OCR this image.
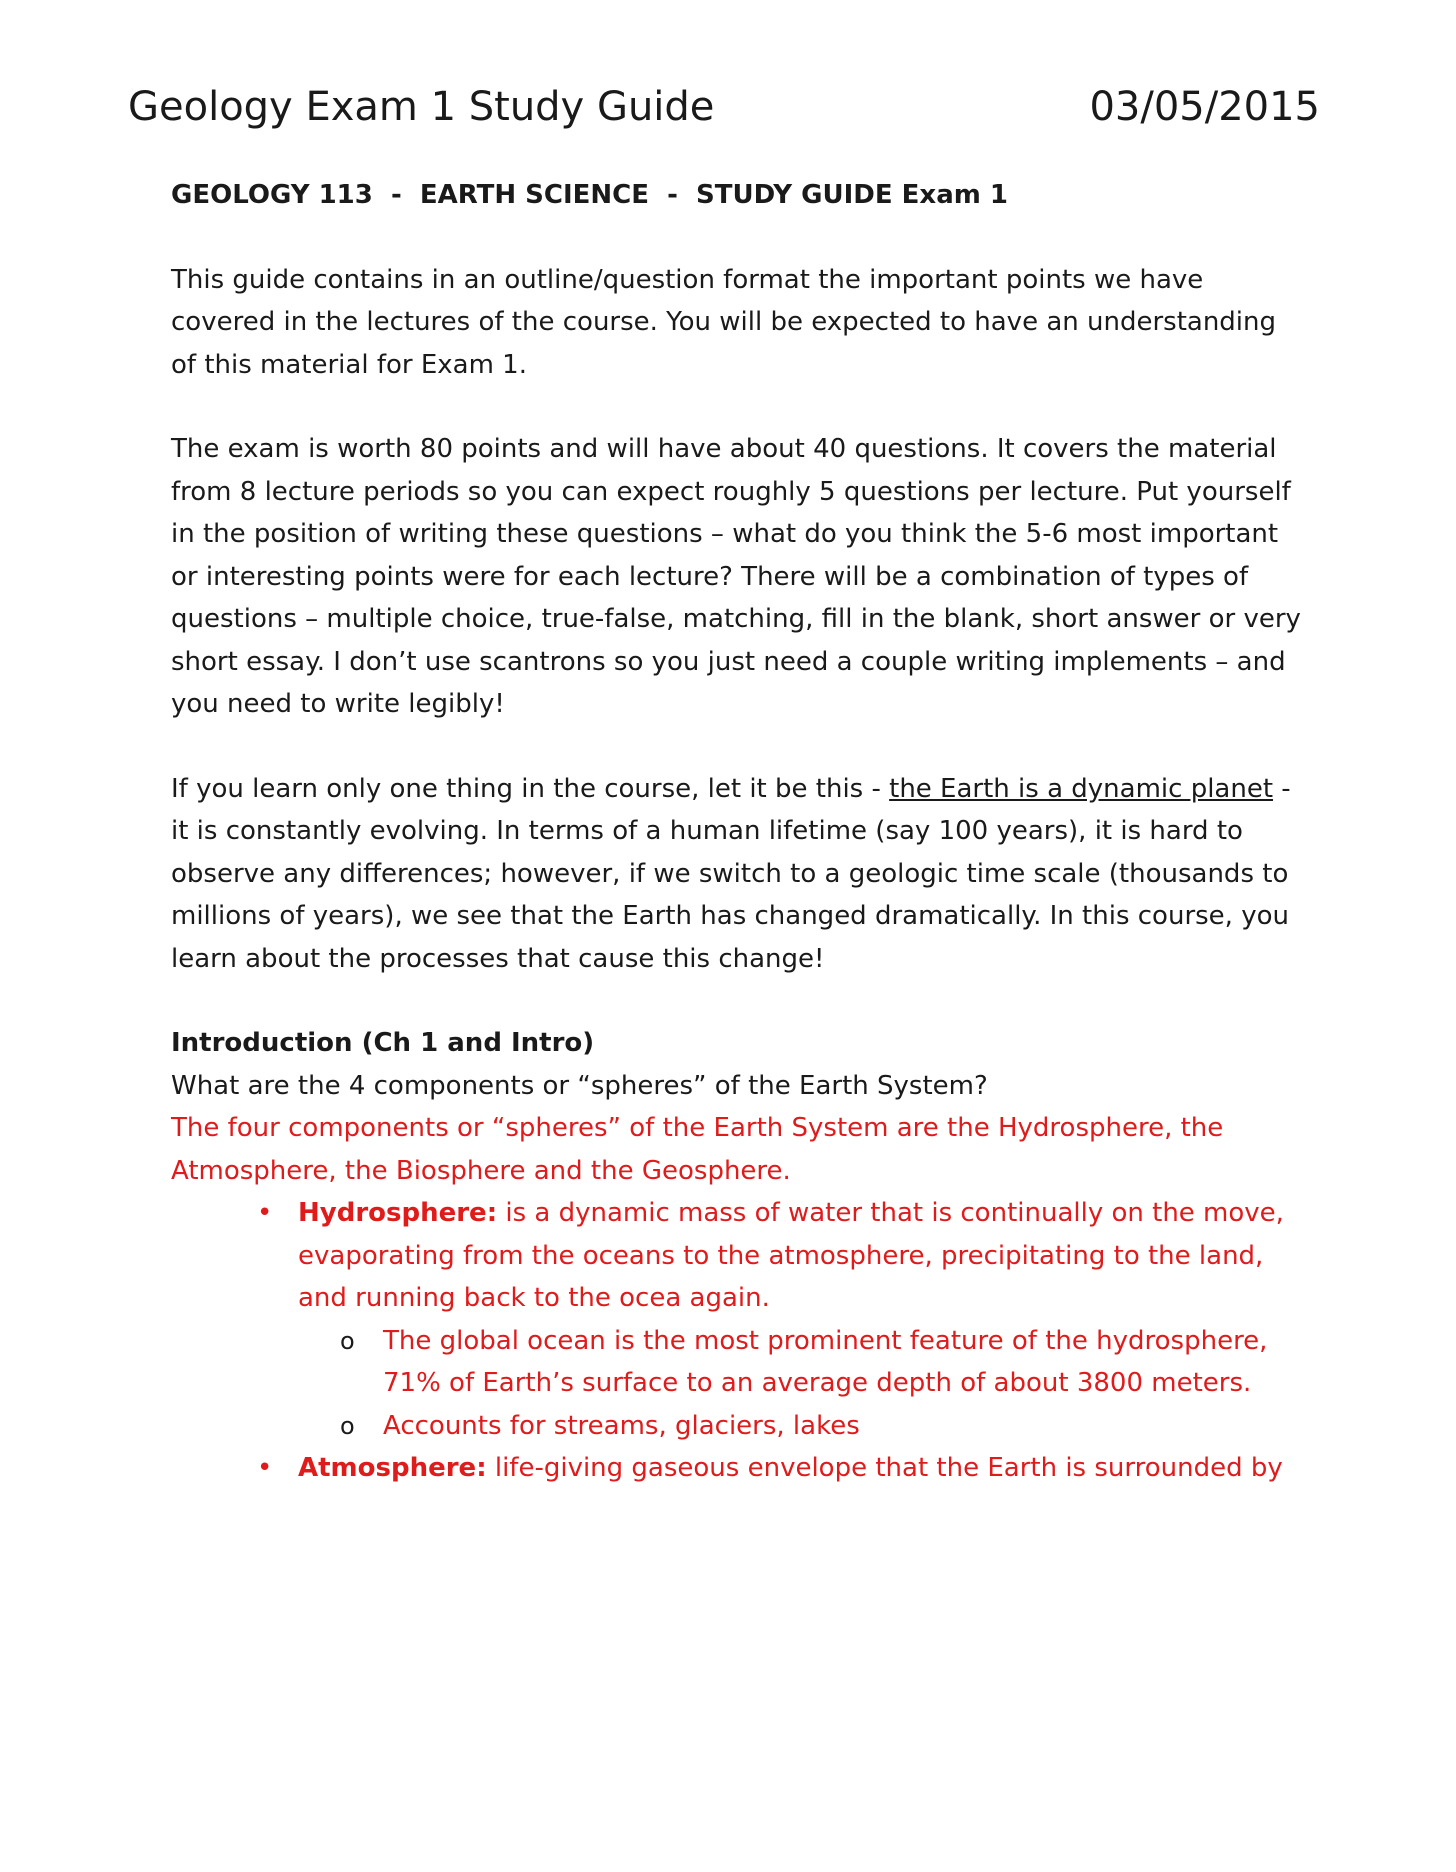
Geology Exam 1 Study Guide	03/05/2015
GEOLOGY 113  -  EARTH SCIENCE  -  STUDY GUIDE Exam 1

This guide contains in an outline/question format the important points we have covered in the lectures of the course. You will be expected to have an understanding of this material for Exam 1.

The exam is worth 80 points and will have about 40 questions. It covers the material from 8 lecture periods so you can expect roughly 5 questions per lecture. Put yourself in the position of writing these questions – what do you think the 5-6 most important or interesting points were for each lecture? There will be a combination of types of questions – multiple choice, true-false, matching, fill in the blank, short answer or very short essay. I don’t use scantrons so you just need a couple writing implements – and you need to write legibly!

If you learn only one thing in the course, let it be this - the Earth is a dynamic planet - it is constantly evolving. In terms of a human lifetime (say 100 years), it is hard to observe any differences; however, if we switch to a geologic time scale (thousands to millions of years), we see that the Earth has changed dramatically. In this course, you learn about the processes that cause this change!

Introduction (Ch 1 and Intro)
What are the 4 components or “spheres” of the Earth System?
The four components or “spheres” of the Earth System are the Hydrosphere, the Atmosphere, the Biosphere and the Geosphere.
• Hydrosphere: is a dynamic mass of water that is continually on the move, evaporating from the oceans to the atmosphere, precipitating to the land, and running back to the ocea again.
o The global ocean is the most prominent feature of the hydrosphere, 71% of Earth’s surface to an average depth of about 3800 meters.
o Accounts for streams, glaciers, lakes
• Atmosphere: life-giving gaseous envelope that the Earth is surrounded by
